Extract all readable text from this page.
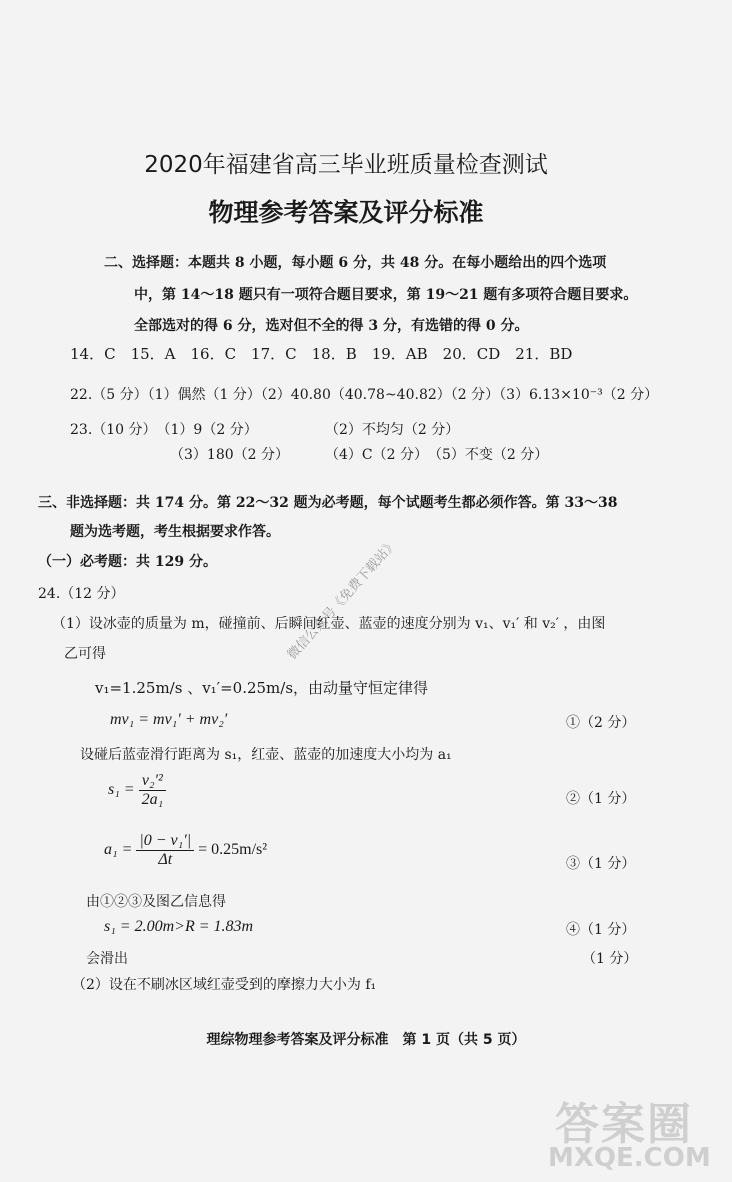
2020年福建省高三毕业班质量检查测试
物理参考答案及评分标准
二、选择题：本题共 8 小题，每小题 6 分，共 48 分。在每小题给出的四个选项
中，第 14～18 题只有一项符合题目要求，第 19～21 题有多项符合题目要求。
全部选对的得 6 分，选对但不全的得 3 分，有选错的得 0 分。
14．C　15．A　16．C　17．C　18．B　19．AB　20．CD　21．BD
22.（5 分）（1）偶然（1 分）（2）40.80（40.78~40.82）（2 分）（3）6.13×10⁻³（2 分）
23.（10 分）　（1）9（2 分）	（2）不均匀（2 分）
（3）180（2 分）	（4）C（2 分）　（5）不变（2 分）
三、非选择题：共 174 分。第 22～32 题为必考题，每个试题考生都必须作答。第 33～38
题为选考题，考生根据要求作答。
（一）必考题：共 129 分。	微信公众号《免费下载站》
24.（12 分）
（1）设冰壶的质量为 m，碰撞前、后瞬间红壶、蓝壶的速度分别为 v₁、v₁′ 和 v₂′ ，由图
乙可得
v₁=1.25m/s 、v₁′=0.25m/s，由动量守恒定律得
mv₁ = mv₁′ + mv₂′	①（2 分）
设碰后蓝壶滑行距离为 s₁，红壶、蓝壶的加速度大小均为 a₁
$s_1 = \frac{\text{v₂′²}}{\text{2a₁}}$	②（1 分）
$a_1 = \frac{\text{|0 − v₁′|}}{\Delta t} = 0.25m/s^2$
③（1 分）
由①②③及图乙信息得
s₁ = 2.00m>R = 1.83m	④（1 分）
会滑出	（1 分）
（2）设在不刷冰区域红壶受到的摩擦力大小为 f₁
理综物理参考答案及评分标准　第 1 页（共 5 页）
答案圈
MXQE.COM
